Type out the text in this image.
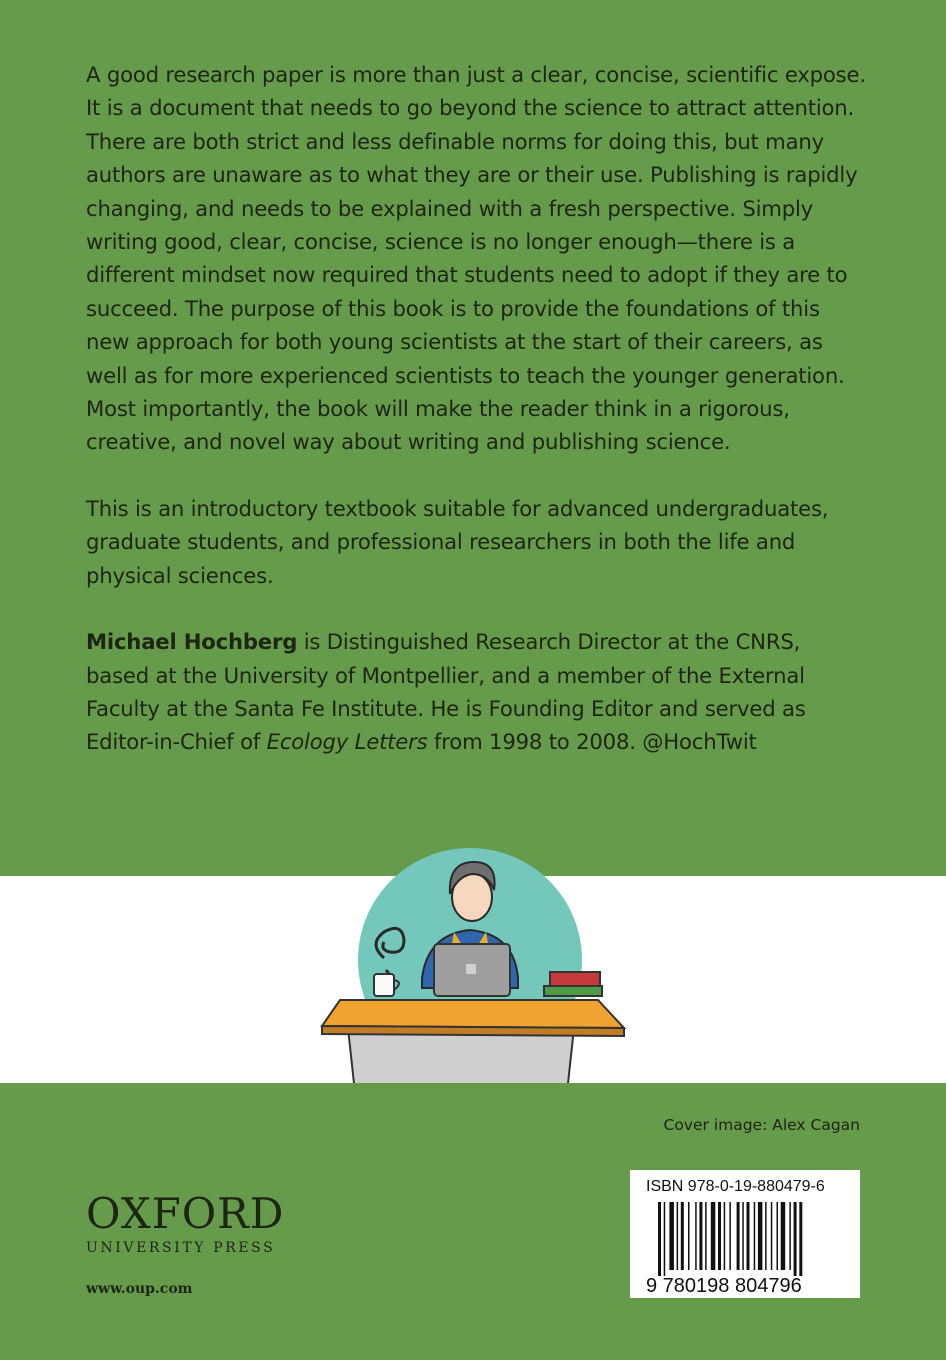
A good research paper is more than just a clear, concise, scientific expose. It is a document that needs to go beyond the science to attract attention. There are both strict and less definable norms for doing this, but many authors are unaware as to what they are or their use. Publishing is rapidly changing, and needs to be explained with a fresh perspective. Simply writing good, clear, concise, science is no longer enough—there is a different mindset now required that students need to adopt if they are to succeed. The purpose of this book is to provide the foundations of this new approach for both young scientists at the start of their careers, as well as for more experienced scientists to teach the younger generation. Most importantly, the book will make the reader think in a rigorous, creative, and novel way about writing and publishing science.

This is an introductory textbook suitable for advanced undergraduates, graduate students, and professional researchers in both the life and physical sciences.

Michael Hochberg is Distinguished Research Director at the CNRS, based at the University of Montpellier, and a member of the External Faculty at the Santa Fe Institute. He is Founding Editor and served as Editor-in-Chief of Ecology Letters from 1998 to 2008. @HochTwit

Cover image: Alex Cagan
OXFORD
UNIVERSITY PRESS
www.oup.com
ISBN 978-0-19-880479-6
9 780198 804796
